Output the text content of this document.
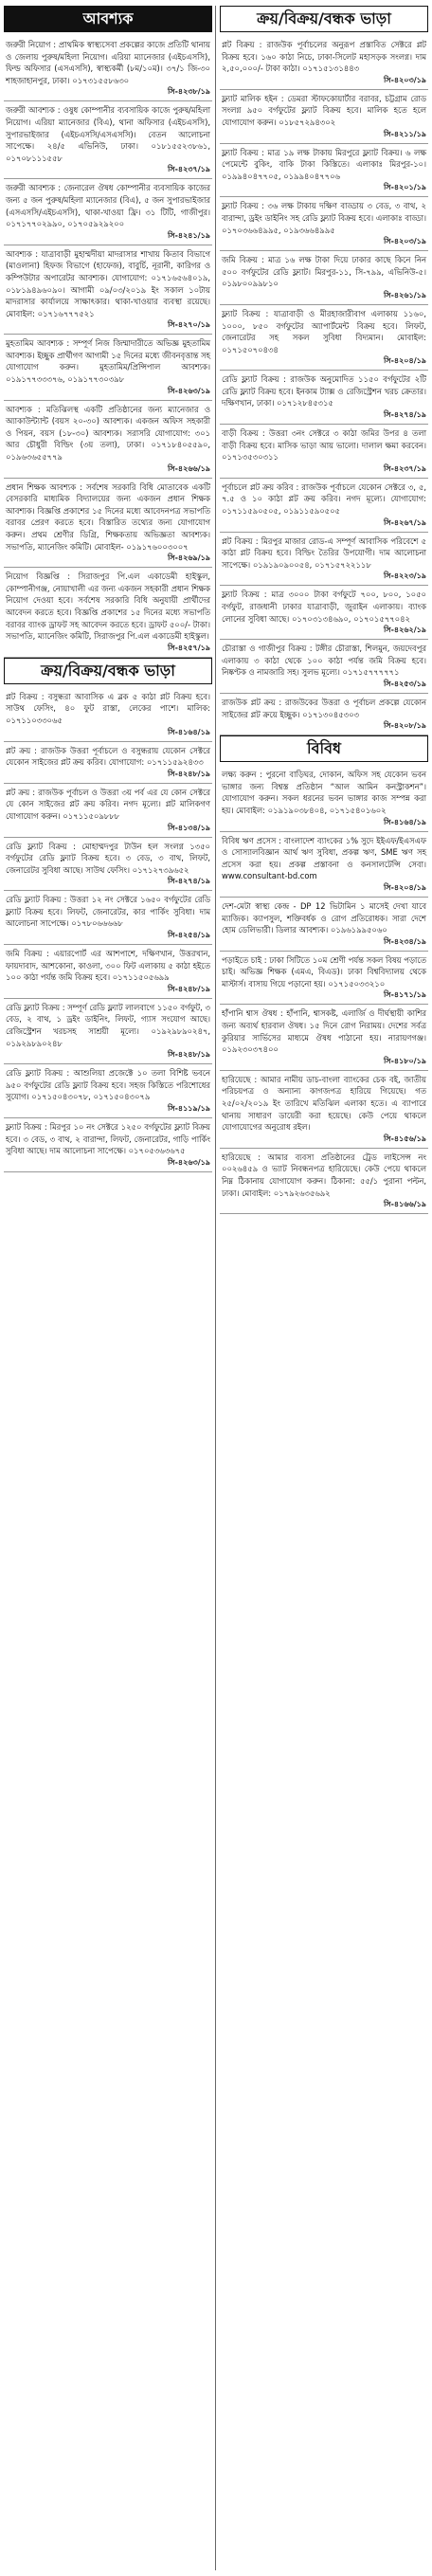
আবশ্যক
জরুরী নিয়োগ : প্রাথমিক স্বাস্থ্যসেবা প্রকল্পের কাজে প্রতিটি থানায় ও জেলায় পুরুষ/মহিলা নিয়োগ। এরিয়া ম্যানেজার (এইচএসসি), ফিল্ড অফিসার (এসএসসি), স্বাস্থ্যকর্মী (৮ম/১০ম)। ৩৭/১ জি-৩০ শাহজাহানপুর, ঢাকা। ০১৭৩১৫৫৮৬৩০
সি-৪২৩৮/১৯
জরুরী আবশ্যক : ওষুধ কোম্পানীর ব্যবসায়িক কাজে পুরুষ/মহিলা নিয়োগ। এরিয়া ম্যানেজার (বিএ), থানা অফিসার (এইচএসসি), সুপারভাইজার (এইচএসসি/এসএসসি)। বেতন আলোচনা সাপেক্ষে। ২৪/৫ এভিনিউ, ঢাকা। ০১৮১৫৫২৩৮৬১, ০১৭০৮১১১৫৫৮
সি-৪২৩৭/১৯
জরুরী আবশ্যক : জেনারেল ঔষধ কোম্পানীর ব্যবসায়িক কাজের জন্য ৫ জন পুরুষ/মহিলা ম্যানেজার (বিএ), ৫ জন সুপারভাইজার (এসএসসি/এইচএসসি), থাকা-খাওয়া ফ্রি। ৩১ টিটি, গাজীপুর। ০১৭১৭৭০২৯৯০, ০১৭০৫৯২৯২০০
সি-৪২৪১/১৯
আবশ্যক : যাত্রাবাড়ী মুহাম্মদীয়া মাদরাসার শাখায় কিতাব বিভাগে (মাওলানা) হিফজ বিভাগে (হাফেজ), বাবুর্চি, নূরানী, কারিগর ও কম্পিউটার অপারেটর আবশ্যক। যোগাযোগ: ০১৭১৬৫৬৪০১৯, ০১৮১৯৪৯৬০৯০। আগামী ০৯/০৩/২০১৯ ইং সকাল ১০টায় মাদরাসার কার্যালয়ে সাক্ষাৎকার। থাকা-খাওয়ার ব্যবস্থা রয়েছে। মোবাইল: ০১৭১৬৭৭৭৫২১
সি-৪২৭০/১৯
মুহতামিম আবশ্যক : সম্পূর্ণ নিজ জিম্মাদারীতে অভিজ্ঞ মুহতামিম আবশ্যক। ইচ্ছুক প্রার্থীগণ আগামী ১৫ দিনের মধ্যে জীবনবৃত্তান্ত সহ যোগাযোগ করুন। মুহতামিম/প্রিন্সিপাল আবশ্যক। ০১৯১৭৭৩৩৩৭৬, ০১৯১৭৭৩০৩৯৮
সি-৪২৬৩/১৯
আবশ্যক : মতিঝিলস্থ একটি প্রতিষ্ঠানের জন্য ম্যানেজার ও অ্যাকাউন্ট্যান্ট (বয়স ২০-৩০) আবশ্যক। একজন অফিস সহকারী ও পিয়ন, বয়স (১৮-৩০) আবশ্যক। সরাসরি যোগাযোগ: ৩০১ আর চৌধুরী বিল্ডিং (৩য় তলা), ঢাকা। ০১৭১৮৪০৫৫৯০, ০১৯৬৩৬৫৫৭৭৯
সি-৪২৬৬/১৯
প্রধান শিক্ষক আবশ্যক : সর্বশেষ সরকারি বিধি মোতাবেক একটি বেসরকারি মাধ্যমিক বিদ্যালয়ের জন্য একজন প্রধান শিক্ষক আবশ্যক। বিজ্ঞপ্তি প্রকাশের ১৫ দিনের মধ্যে আবেদনপত্র সভাপতি বরাবর প্রেরণ করতে হবে। বিস্তারিত তথ্যের জন্য যোগাযোগ করুন। প্রথম শ্রেণীর ডিগ্রি, শিক্ষকতায় অভিজ্ঞতা আবশ্যক। সভাপতি, ম্যানেজিং কমিটি। মোবাইল- ০১৯১৭৬০০৩০০৭
সি-৪২৬৯/১৯
নিয়োগ বিজ্ঞপ্তি : সিরাজপুর পি.এল একাডেমী হাইস্কুল, কোম্পানীগঞ্জ, নোয়াখালী এর জন্য একজন সহকারী প্রধান শিক্ষক নিয়োগ দেওয়া হবে। সর্বশেষ সরকারি বিধি অনুযায়ী প্রার্থীদের আবেদন করতে হবে। বিজ্ঞপ্তি প্রকাশের ১৫ দিনের মধ্যে সভাপতি বরাবর ব্যাংক ড্রাফট সহ আবেদন করতে হবে। ড্রাফট ৫০০/- টাকা। সভাপতি, ম্যানেজিং কমিটি, সিরাজপুর পি.এল একাডেমী হাইস্কুল।
সি-৪২৫৭/১৯
ক্রয়/বিক্রয়/বন্ধক ভাড়া
প্লট বিক্রয় : বসুন্ধরা আবাসিক এ ব্লক ৫ কাঠা প্লট বিক্রয় হবে। সাউথ ফেসিং, ৪০ ফুট রাস্তা, লেকের পাশে। মালিক: ০১৭১১০৩৩০৬৫
সি-৪১৬৪/১৯
প্লট ক্রয় : রাজউক উত্তরা পূর্বাচলে ও বসুন্ধরায় যেকোন সেক্টরে যেকোন সাইজের প্লট ক্রয় করিব। যোগাযোগ: ০১৭১১৫৯২৪৩৩
সি-৪২৪৮/১৯
প্লট ক্রয় : রাজউক পূর্বাচল ও উত্তরা ৩য় পর্ব এর যে কোন সেক্টরে যে কোন সাইজের প্লট ক্রয় করিব। নগদ মূল্যে। প্লট মালিকগণ যোগাযোগ করুন। ০১৭১১৫০৯৮৮৮
সি-৪১৩৪/১৯
রেডি ফ্ল্যাট বিক্রয় : মোহাম্মদপুর টাউন হল সংলগ্ন ১৩৫০ বর্গফুটের রেডি ফ্ল্যাট বিক্রয় হবে। ৩ বেড, ৩ বাথ, লিফট, জেনারেটর সুবিধা আছে। সাউথ ফেসিং। ০১৭১২৭৩৯৬৫২
সি-৪২৭৪/১৯
রেডি ফ্ল্যাট বিক্রয় : উত্তরা ১২ নং সেক্টরে ১৬৫০ বর্গফুটের রেডি ফ্ল্যাট বিক্রয় হবে। লিফট, জেনারেটর, কার পার্কিং সুবিধা। দাম আলোচনা সাপেক্ষে। ০১৭৮০৬৬৬৬৮
সি-৪২৫৪/১৯
জমি বিক্রয় : এয়ারপোর্ট এর আশপাশে, দক্ষিণখান, উত্তরখান, ফায়দাবাদ, আশকোনা, কাওলা, ৩০০ ফিট এলাকায় ৫ কাঠা হইতে ১০০ কাঠা পর্যন্ত জমি বিক্রয় হবে। ০১৭১১৫০৫৬৯৯
সি-৪২৪৮/১৯
রেডি ফ্ল্যাট বিক্রয় : সম্পূর্ণ রেডি ফ্ল্যাট লালবাগে ১১৫০ বর্গফুট, ৩ বেড, ২ বাথ, ১ ড্রইং ডাইনিং, লিফট, গ্যাস সংযোগ আছে। রেজিস্ট্রেশন খরচসহ সাশ্রয়ী মূল্যে। ০১৯২৯৮৯০২৪৭, ০১৯২৯৮৯০২৪৮
সি-৪২৪৮/১৯
রেডি ফ্ল্যাট বিক্রয় : আশুলিয়া প্রজেক্টে ১০ তলা বিশিষ্ট ভবনে ৯৫০ বর্গফুটের রেডি ফ্ল্যাট বিক্রয় হবে। সহজ কিস্তিতে পরিশোধের সুযোগ। ০১৭১৫০৪৩০৭৮, ০১৭১৫০৪৩০৭৯
সি-৪১১৯/১৯
ফ্ল্যাট বিক্রয় : মিরপুর ১০ নং সেক্টরে ১২৫০ বর্গফুটের ফ্ল্যাট বিক্রয় হবে। ৩ বেড, ৩ বাথ, ২ বারান্দা, লিফট, জেনারেটর, গাড়ি পার্কিং সুবিধা আছে। দাম আলোচনা সাপেক্ষে। ০১৭০৫৩৬৩৬৭৫
সি-৪২৬৩/১৯
ক্রয়/বিক্রয়/বন্ধক ভাড়া
প্লট বিক্রয় : রাজউক পূর্বাচলের অনুরূপ প্রস্তাবিত সেক্টরে প্লট বিক্রয় হবে। ১৬০ কাঠা নিচে, ঢাকা-সিলেট মহাসড়ক সংলগ্ন। দাম ২,৫০,০০০/- টাকা কাঠা। ০১৭১৫১৩১৪৪৩
সি-৪২০৩/১৯
ফ্ল্যাট মালিক হইন : ডেমরা স্টাফকোয়ার্টার বরাবর, চট্টগ্রাম রোড সংলগ্ন ৯৫০ বর্গফুটের ফ্ল্যাট বিক্রয় হবে। মালিক হতে হলে যোগাযোগ করুন। ০১৮৫৭২৯৪৩০২
সি-৪২১১/১৯
ফ্ল্যাট বিক্রয় : মাত্র ১৯ লক্ষ টাকায় মিরপুরে ফ্ল্যাট বিক্রয়। ৬ লক্ষ পেমেন্টে বুকিং, বাকি টাকা কিস্তিতে। এলাকাঃ মিরপুর-১০। ০১৯৯৪০৪৭৭০৫, ০১৯৯৪০৪৭৭০৬
সি-৪২০১/১৯
ফ্ল্যাট বিক্রয় : ৩৬ লক্ষ টাকায় দক্ষিণ বাড্ডায় ৩ বেড, ৩ বাথ, ২ বারান্দা, ড্রইং ডাইনিং সহ রেডি ফ্ল্যাট বিক্রয় হবে। এলাকাঃ বাড্ডা। ০১৭০৩৬৬৪৯৯৫, ০১৯৩৬৬৪৯৯৫
সি-৪২০৩/১৯
জমি বিক্রয় : মাত্র ১৬ লক্ষ টাকা দিয়ে ঢাকার কাছে কিনে নিন ৫০০ বর্গফুটের রেডি ফ্ল্যাট। মিরপুর-১১, সি-৭৯৯, এভিনিউ-৫। ০১৯৮০০৯৯৮১০
সি-৪২৬১/১৯
ফ্ল্যাট বিক্রয় : যাত্রাবাড়ী ও মীরহাজারীবাগ এলাকায় ১১৬০, ১০০০, ৮৫০ বর্গফুটের অ্যাপার্টমেন্ট বিক্রয় হবে। লিফট, জেনারেটর সহ সকল সুবিধা বিদ্যমান। মোবাইল: ০১৭১৫০৭০৪৩৪
সি-৪২০৪/১৯
রেডি ফ্ল্যাট বিক্রয় : রাজউক অনুমোদিত ১১৫০ বর্গফুটের ২টি রেডি ফ্ল্যাট বিক্রয় হবে। ইনকাম ট্যাক্স ও রেজিস্ট্রেশন খরচ ক্রেতার। দক্ষিণখান, ঢাকা। ০১৭১২৮৪৫৩১৫
সি-৪২৭৪/১৯
বাড়ী বিক্রয় : উত্তরা ৩নং সেক্টরে ৩ কাঠা জমির উপর ৪ তলা বাড়ী বিক্রয় হবে। মাসিক ভাড়া আয় ভালো। দালাল ক্ষমা করবেন। ০১৭১৩৫৩০৩১১
সি-৪২৩৭/১৯
পূর্বাচলে প্লট ক্রয় করিব : রাজউক পূর্বাচলে যেকোন সেক্টরে ৩, ৫, ৭.৫ ও ১০ কাঠা প্লট ক্রয় করিব। নগদ মূল্যে। যোগাযোগ: ০১৭১১৫৯০৫০৫, ০১৯১১৫৯০৫০৫
সি-৪২৬৭/১৯
প্লট বিক্রয় : মিরপুর মাজার রোড-এ সম্পূর্ণ আবাসিক পরিবেশে ৫ কাঠা প্লট বিক্রয় হবে। বিল্ডিং তৈরির উপযোগী। দাম আলোচনা সাপেক্ষে। ০১৯১৯০৯০০৫৪, ০১৭১৫৭২২১১৮
সি-৪২২৩/১৯
ফ্ল্যাট বিক্রয় : মাত্র ৩০০০ টাকা বর্গফুটে ৭০০, ৮০০, ১০৫০ বর্গফুট, রাজধানী ঢাকার যাত্রাবাড়ী, জুরাইন এলাকায়। ব্যাংক লোনের সুবিধা আছে। ০১৭০৩১৩৪৬৯০, ০১৭০১৫৭৭০৪২
সি-৪২৬২/১৯
চৌরাস্তা ও গাজীপুর বিক্রয় : টঙ্গীর চৌরাস্তা, শিলমুন, জয়দেবপুর এলাকায় ৩ কাঠা থেকে ১০০ কাঠা পর্যন্ত জমি বিক্রয় হবে। নিষ্কণ্টক ও নামজারি সহ। সুলভ মূল্যে। ০১৭১৫৭৭৭৭৭১
সি-৪২৫৩/১৯
রাজউক প্লট ক্রয় : রাজউকের উত্তরা ও পূর্বাচল প্রকল্পে যেকোন সাইজের প্লট ক্রয়ে ইচ্ছুক। ০১৭১৩০৪৫৩০৩
সি-৪২০৮/১৯
বিবিধ
লক্ষ্য করুন : পুরনো বাড়িঘর, দোকান, অফিস সহ যেকোন ভবন ভাঙ্গার জন্য বিশ্বস্ত প্রতিষ্ঠান “আল আমিন কনস্ট্রাকশন”। যোগাযোগ করুন। সকল ধরনের ভবন ভাঙ্গার কাজ সম্পন্ন করা হয়। মোবাইল: ০১৯১৯০৩৮৪০৪, ০১৭১৫৪০১৬০২
সি-৪১৬৪/১৯
বিবিধ ঋণ প্রসেস : বাংলাদেশ ব্যাংকের ১% সুদে ইইএফ/ইএসএফ ও সোস্যালবিজ্ঞান আর্থ ঋণ সুবিধা, প্রকল্প ঋণ, SME ঋণ সহ প্রসেস করা হয়। প্রকল্প প্রস্তাবনা ও কনসালটেন্সি সেবা। www.consultant-bd.com
সি-৪২০৪/১৯
দেশ-মেটা স্বাস্থ্য কেন্দ্র - DP 12 ভিটামিন ১ মাসেই দেখা যাবে ম্যাজিক। ক্যাপসুল, শক্তিবর্ধক ও রোগ প্রতিরোধক। সারা দেশে হোম ডেলিভারী। ডিলার আবশ্যক। ০১৯৬১৯৯৫০৬০
সি-৪২৩৪/১৯
পড়াইতে চাই : ঢাকা সিটিতে ১০ম শ্রেণী পর্যন্ত সকল বিষয় পড়াতে চাই। অভিজ্ঞ শিক্ষক (এমএ, বিএড)। ঢাকা বিশ্ববিদ্যালয় থেকে মাস্টার্স। বাসায় গিয়ে পড়ানো হয়। ০১৭১৫০৩৩২১০
সি-৪১৭১/১৯
হাঁপানি শ্বাস ঔষধ : হাঁপানি, শ্বাসকষ্ট, এলার্জি ও দীর্ঘস্থায়ী কাশির জন্য অব্যর্থ হারবাল ঔষধ। ১৫ দিনে রোগ নিরাময়। দেশের সর্বত্র কুরিয়ার সার্ভিসের মাধ্যমে ঔষধ পাঠানো হয়। নারায়ণগঞ্জ। ০১৯২৩০৩৭৪০০
সি-৪১৮০/১৯
হারিয়েছে : আমার নামীয় ডাচ-বাংলা ব্যাংকের চেক বই, জাতীয় পরিচয়পত্র ও অন্যান্য কাগজপত্র হারিয়ে গিয়েছে। গত ২৫/০২/২০১৯ ইং তারিখে মতিঝিল এলাকা হতে। এ ব্যাপারে থানায় সাধারণ ডায়েরী করা হয়েছে। কেউ পেয়ে থাকলে যোগাযোগের অনুরোধ রইল।
সি-৪১৫৬/১৯
হারিয়েছে : আমার ব্যবসা প্রতিষ্ঠানের ট্রেড লাইসেন্স নং ০০২৬৪৫৯ ও ভ্যাট নিবন্ধনপত্র হারিয়েছে। কেউ পেয়ে থাকলে নিম্ন ঠিকানায় যোগাযোগ করুন। ঠিকানা: ৫৫/১ পুরানা পল্টন, ঢাকা। মোবাইল: ০১৭৯২৬৩৫৬৯২
সি-৪১৬৬/১৯
